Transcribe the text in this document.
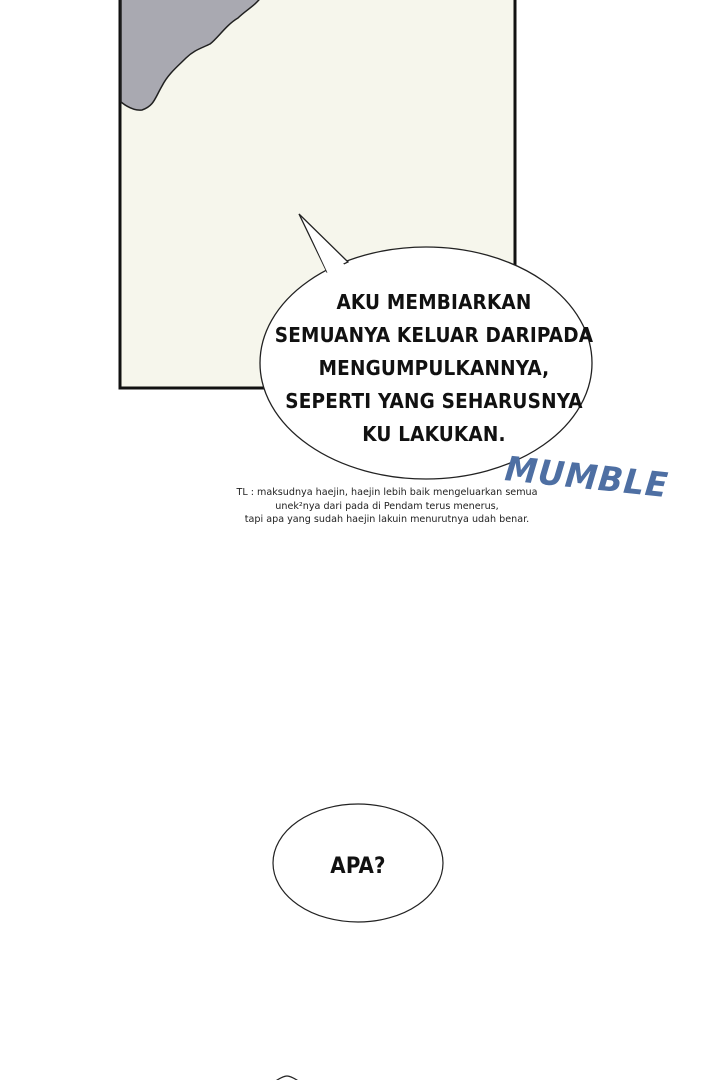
MUMBLE
AKU MEMBIARKAN
SEMUANYA KELUAR DARIPADA
MENGUMPULKANNYA,
SEPERTI YANG SEHARUSNYA
KU LAKUKAN.
TL : maksudnya haejin, haejin lebih baik mengeluarkan semua
unek²nya dari pada di Pendam terus menerus,
tapi apa yang sudah haejin lakuin menurutnya udah benar.
APA?
